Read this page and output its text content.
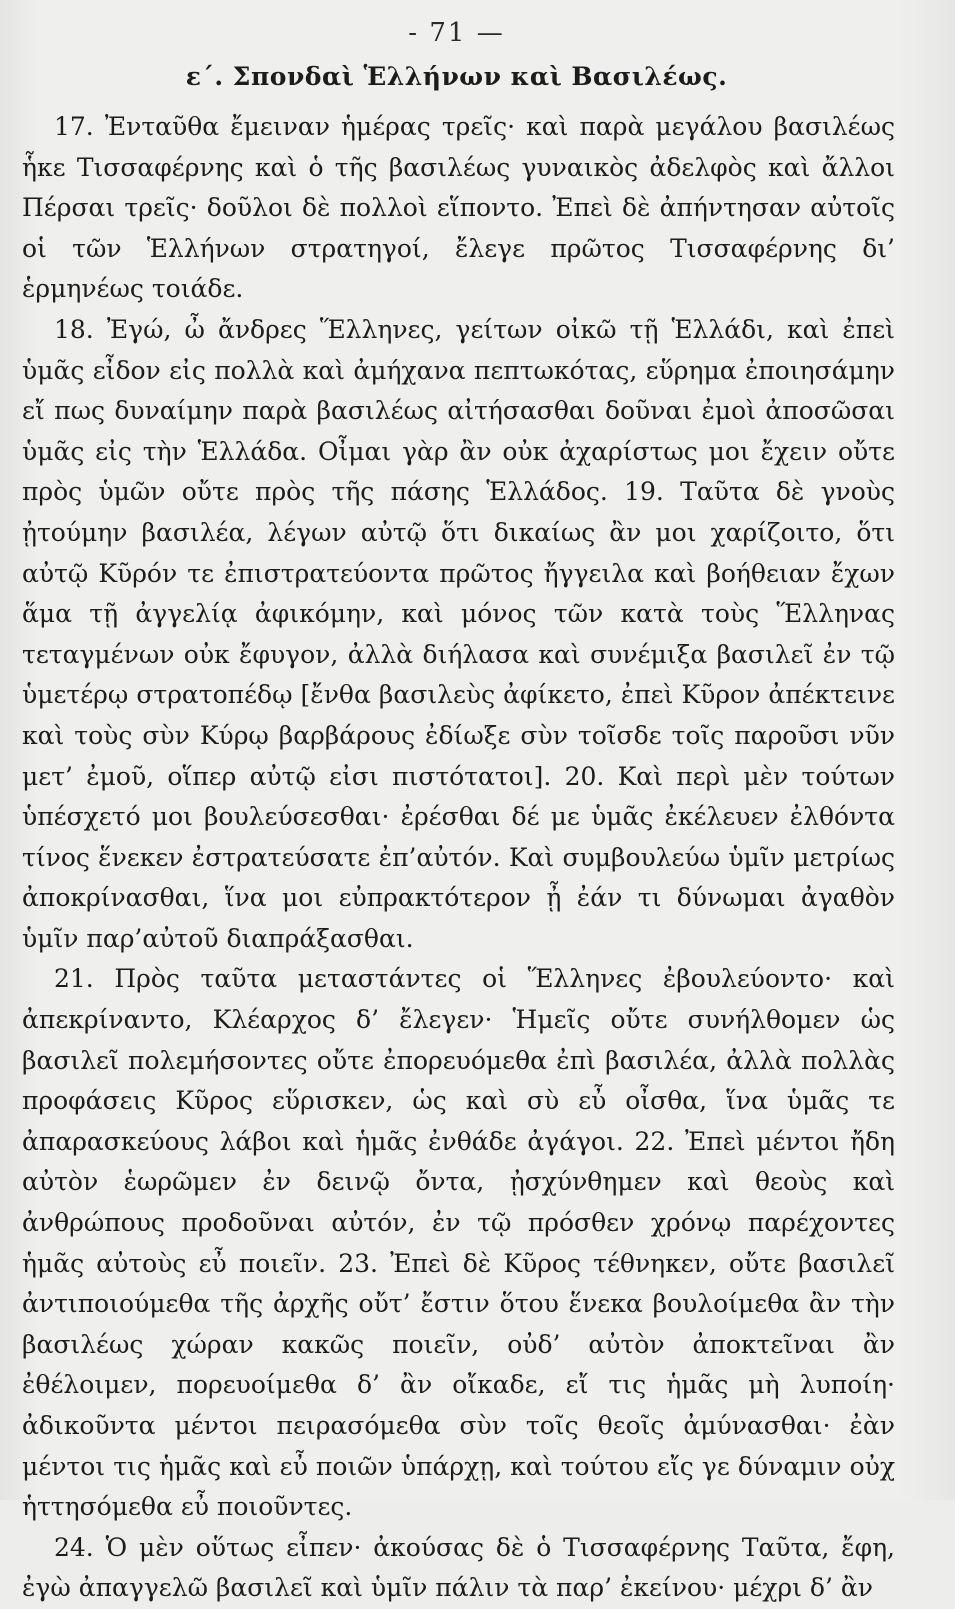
- 71 —
ε΄. Σπονδαὶ Ἑλλήνων καὶ Βασιλέως.

17. Ἐνταῦθα ἔμειναν ἡμέρας τρεῖς· καὶ παρὰ μεγάλου βασιλέως ἧκε Τισσαφέρνης καὶ ὁ τῆς βασιλέως γυναικὸς ἀδελφὸς καὶ ἄλλοι Πέρσαι τρεῖς· δοῦλοι δὲ πολλοὶ εἵποντο. Ἐπεὶ δὲ ἀπήντησαν αὐτοῖς οἱ τῶν Ἑλλήνων στρατηγοί, ἔλεγε πρῶτος Τισσαφέρνης δι’ ἑρμηνέως τοιάδε.

18. Ἐγώ, ὦ ἄνδρες Ἕλληνες, γείτων οἰκῶ τῇ Ἑλλάδι, καὶ ἐπεὶ ὑμᾶς εἶδον εἰς πολλὰ καὶ ἀμήχανα πεπτωκότας, εὕρημα ἐποιησάμην εἴ πως δυναίμην παρὰ βασιλέως αἰτήσασθαι δοῦναι ἐμοὶ ἀποσῶσαι ὑμᾶς εἰς τὴν Ἑλλάδα. Οἶμαι γὰρ ἂν οὐκ ἀχαρίστως μοι ἔχειν οὔτε πρὸς ὑμῶν οὔτε πρὸς τῆς πάσης Ἑλλάδος. 19. Ταῦτα δὲ γνοὺς ᾐτούμην βασιλέα, λέγων αὐτῷ ὅτι δικαίως ἂν μοι χαρίζοιτο, ὅτι αὐτῷ Κῦρόν τε ἐπιστρατεύοντα πρῶτος ἤγγειλα καὶ βοήθειαν ἔχων ἅμα τῇ ἀγγελίᾳ ἀφικόμην, καὶ μόνος τῶν κατὰ τοὺς Ἕλληνας τεταγμένων οὐκ ἔφυγον, ἀλλὰ διήλασα καὶ συνέμιξα βασιλεῖ ἐν τῷ ὑμετέρῳ στρατοπέδῳ [ἔνθα βασιλεὺς ἀφίκετο, ἐπεὶ Κῦρον ἀπέκτεινε καὶ τοὺς σὺν Κύρῳ βαρβάρους ἐδίωξε σὺν τοῖσδε τοῖς παροῦσι νῦν μετ’ ἐμοῦ, οἵπερ αὐτῷ εἰσι πιστότατοι]. 20. Καὶ περὶ μὲν τούτων ὑπέσχετό μοι βουλεύσεσθαι· ἐρέσθαι δέ με ὑμᾶς ἐκέλευεν ἐλθόντα τίνος ἕνεκεν ἐστρατεύσατε ἐπ’αὐτόν. Καὶ συμβουλεύω ὑμῖν μετρίως ἀποκρίνασθαι, ἵνα μοι εὐπρακτότερον ᾖ ἐάν τι δύνωμαι ἀγαθὸν ὑμῖν παρ’αὐτοῦ διαπράξασθαι.

21. Πρὸς ταῦτα μεταστάντες οἱ Ἕλληνες ἐβουλεύοντο· καὶ ἀπεκρίναντο, Κλέαρχος δ’ ἔλεγεν· Ἡμεῖς οὔτε συνήλθομεν ὡς βασιλεῖ πολεμήσοντες οὔτε ἐπορευόμεθα ἐπὶ βασιλέα, ἀλλὰ πολλὰς προφάσεις Κῦρος εὕρισκεν, ὡς καὶ σὺ εὖ οἶσθα, ἵνα ὑμᾶς τε ἀπαρασκεύους λάβοι καὶ ἡμᾶς ἐνθάδε ἀγάγοι. 22. Ἐπεὶ μέντοι ἤδη αὐτὸν ἑωρῶμεν ἐν δεινῷ ὄντα, ᾐσχύνθημεν καὶ θεοὺς καὶ ἀνθρώπους προδοῦναι αὐτόν, ἐν τῷ πρόσθεν χρόνῳ παρέχοντες ἡμᾶς αὐτοὺς εὖ ποιεῖν. 23. Ἐπεὶ δὲ Κῦρος τέθνηκεν, οὔτε βασιλεῖ ἀντιποιούμεθα τῆς ἀρχῆς οὔτ’ ἔστιν ὅτου ἕνεκα βουλοίμεθα ἂν τὴν βασιλέως χώραν κακῶς ποιεῖν, οὐδ’ αὐτὸν ἀποκτεῖναι ἂν ἐθέλοιμεν, πορευοίμεθα δ’ ἂν οἴκαδε, εἴ τις ἡμᾶς μὴ λυποίη· ἀδικοῦντα μέντοι πειρασόμεθα σὺν τοῖς θεοῖς ἀμύνασθαι· ἐὰν μέντοι τις ἡμᾶς καὶ εὖ ποιῶν ὑπάρχῃ, καὶ τούτου εἴς γε δύναμιν οὐχ ἡττησόμεθα εὖ ποιοῦντες.

24. Ὁ μὲν οὕτως εἶπεν· ἀκούσας δὲ ὁ Τισσαφέρνης Ταῦτα, ἔφη, ἐγὼ ἀπαγγελῶ βασιλεῖ καὶ ὑμῖν πάλιν τὰ παρ’ ἐκείνου· μέχρι δ’ ἂν
